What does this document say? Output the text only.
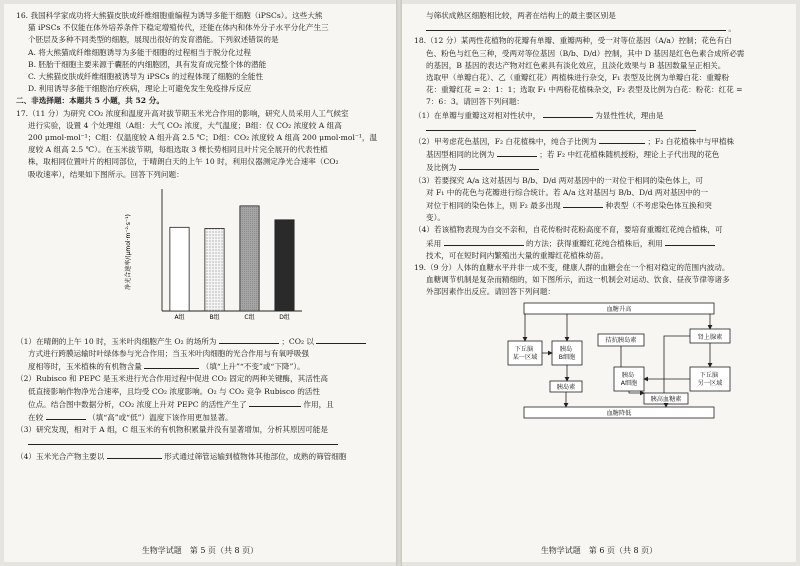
16. 我国科学家成功将大熊猫皮肤成纤维细胞重编程为诱导多能干细胞（iPSCs）。这些大熊

猫 iPSCs 不仅能在体外培养条件下稳定增殖传代，还能在体内和体外分子水平分化产生三

个胚层及多种不同类型的细胞，展现出很好的发育潜能。下列叙述错误的是

A. 将大熊猫成纤维细胞诱导为多能干细胞的过程相当于脱分化过程

B. 胚胎干细胞主要来源于囊胚的内细胞团，具有发育成完整个体的潜能

C. 大熊猫皮肤成纤维细胞被诱导为 iPSCs 的过程体现了细胞的全能性

D. 利用诱导多能干细胞治疗疾病，理论上可避免发生免疫排斥反应

二、非选择题：本题共 5 小题，共 52 分。

17.（11 分）为研究 CO₂ 浓度和温度升高对拔节期玉米光合作用的影响，研究人员采用人工气候室

进行实验，设置 4 个处理组（A组：大气 CO₂ 浓度，大气温度；B组：仅 CO₂ 浓度较 A 组高

200 μmol·mol⁻¹；C组：仅温度较 A 组升高 2.5 ℃；D组：CO₂ 浓度较 A 组高 200 μmol·mol⁻¹，温

度较 A 组高 2.5 ℃）。在玉米拔节期，每组选取 3 棵长势相同且叶片完全展开的代表性植

株，取相同位置叶片的相同部位，于晴朗白天的上午 10 时，利用仪器测定净光合速率（CO₂

吸收速率），结果如下图所示。回答下列问题：

净光合速率/(μmol·m⁻²·s⁻¹)
A组	B组	C组	D组

（1）在晴朗的上午 10 时，玉米叶肉细胞产生 O₂ 的场所为	；CO₂ 以

方式进行跨膜运输时叶绿体参与光合作用；当玉米叶肉细胞的光合作用与有氧呼吸强

度相等时，玉米植株的有机物含量	（填“上升”“不变”或“下降”）。

（2）Rubisco 和 PEPC 是玉米进行光合作用过程中促进 CO₂ 固定的两种关键酶，其活性高

低直接影响作物净光合速率，且均受 CO₂ 浓度影响。O₂ 与 CO₂ 竞争 Rubisco 的活性

位点。结合图中数据分析，CO₂ 浓度上升对 PEPC 的活性产生了	作用，且

在较	（填“高”或“低”）温度下该作用更加显著。

（3）研究发现，相对于 A 组，C 组玉米的有机物积累量并没有显著增加，分析其原因可能是

（4）玉米光合产物主要以	形式通过筛管运输到植物体其他部位，成熟的筛管细胞

生物学试题　第 5 页（共 8 页）

与筛状成熟区细胞相比较，两者在结构上的最主要区别是

。

18.（12 分）某两性花植物的花瓣有单瓣、重瓣两种，受一对等位基因（A/a）控制；花色有白

色、粉色与红色三种，受两对等位基因（B/b、D/d）控制，其中 D 基因是红色色素合成所必需

的基因，B 基因的表达产物对红色素具有淡化效应，且淡化效果与 B 基因数量呈正相关。

选取甲（单瓣白花）、乙（重瓣红花）两植株进行杂交，F₁ 表型及比例为单瓣白花：重瓣粉

花：重瓣红花 = 2：1：1；选取 F₁ 中两粉花植株杂交，F₂ 表型及比例为白花：粉花：红花 =

7：6：3。请回答下列问题：

（1）在单瓣与重瓣这对相对性状中，	为显性性状，理由是

（2）甲考虑花色基因，F₂ 白花植株中，纯合子比例为	；F₂ 白花植株中与甲植株

基因型相同的比例为	；若 F₂ 中红花植株随机授粉，理论上子代出现的花色

及比例为

（3）若要探究 A/a 这对基因与 B/b、D/d 两对基因中的一对位于相同的染色体上，可

对 F₁ 中的花色与花瓣进行综合统计。若 A/a 这对基因与 B/b、D/d 两对基因中的一

对位于相同的染色体上，则 F₂ 最多出现	种表型（不考虑染色体互换和突

变）。

（4）若该植物表现为自交不亲和，自花传粉时花粉高度不育，要培育重瓣红花纯合植株，可

采用	的方法；获得重瓣红花纯合植株后，利用

技术，可在短时间内繁殖出大量的重瓣红花植株幼苗。

19.（9 分）人体的血糖水平并非一成不变，健康人群的血糖会在一个相对稳定的范围内波动。

血糖调节机制是复杂而精细的，如下图所示，而这一机制会对运动、饮食、昼夜节律等诸多

外部因素作出反应。请回答下列问题：

血糖升高
血糖降低
下丘脑 某一区域
胰岛 B细胞
拮抗胰岛素
胰岛素
胰岛 A细胞
胰高血糖素
肾上腺素
下丘脑 另一区域
生物学试题　第 6 页（共 8 页）
